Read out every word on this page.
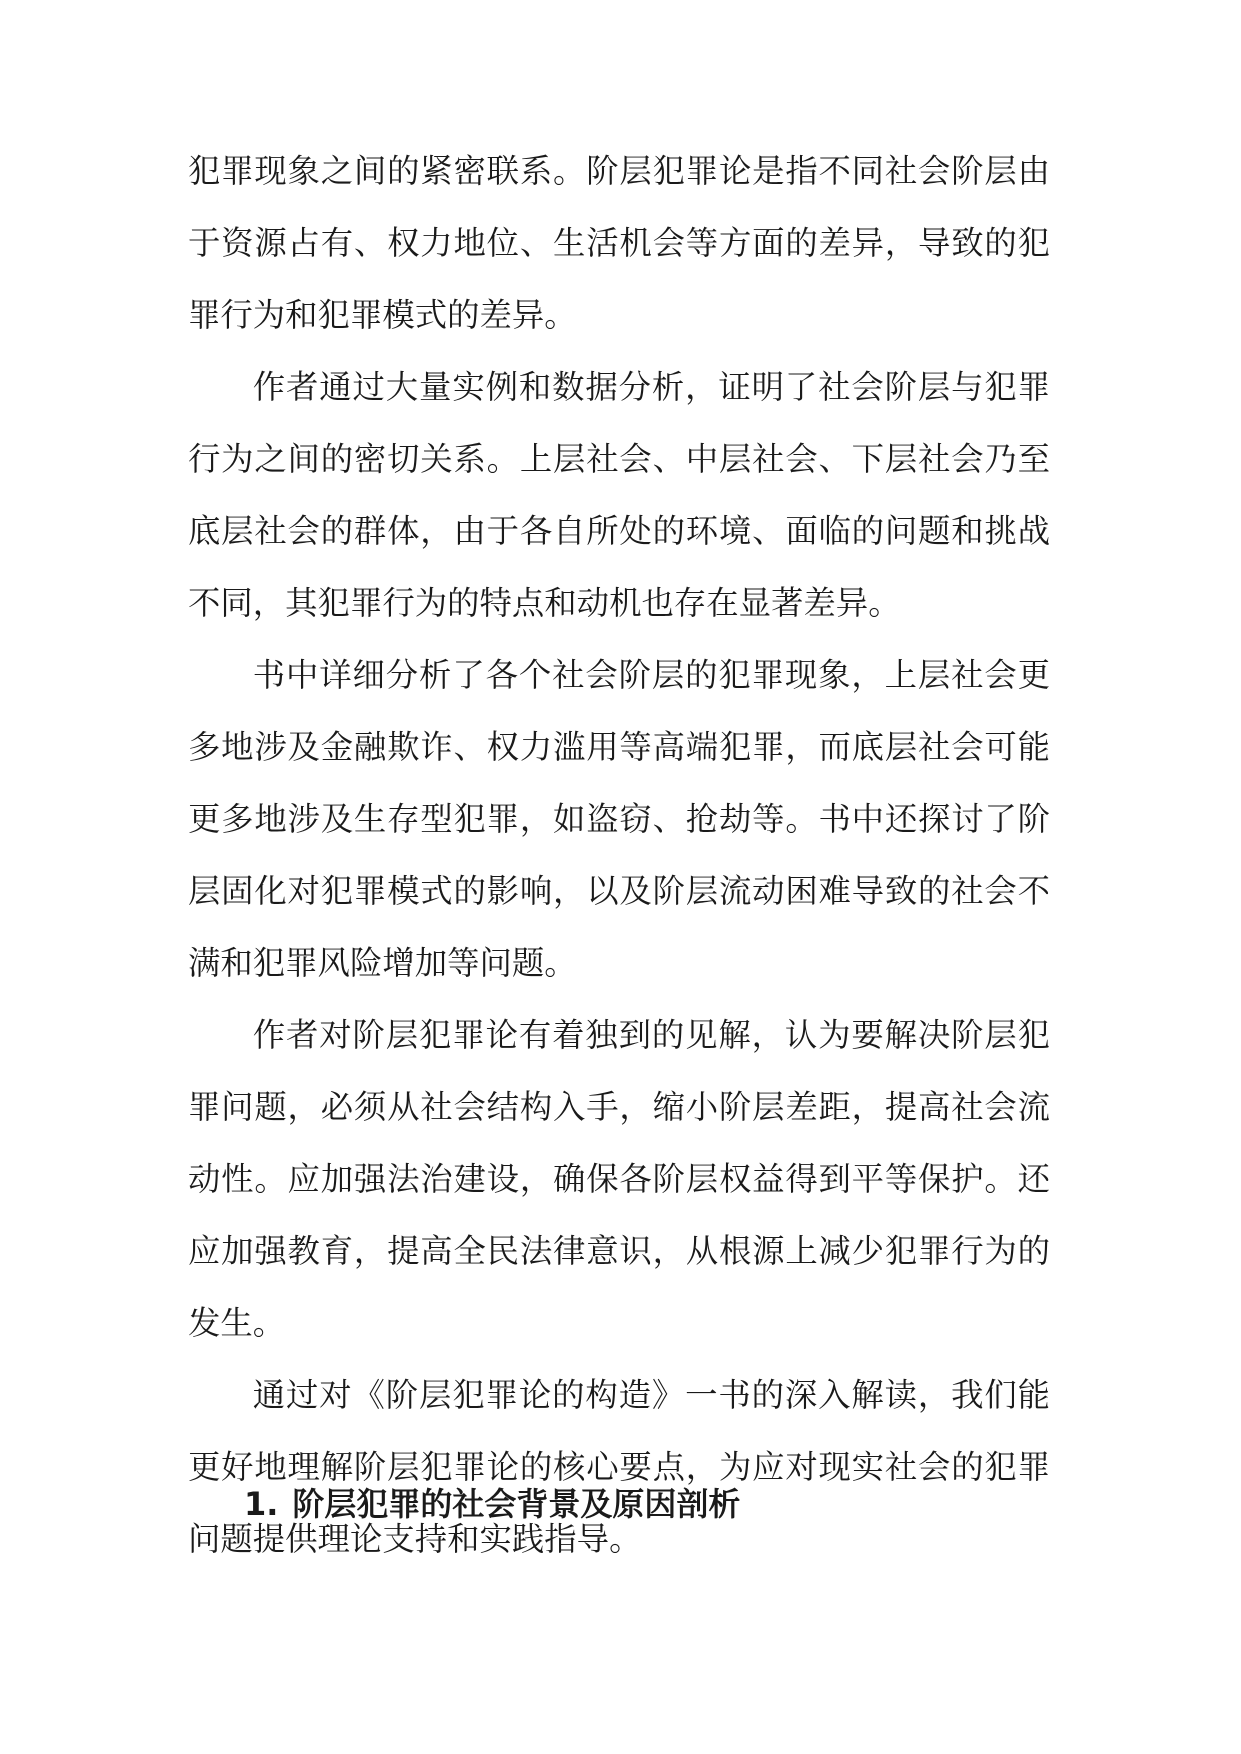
犯罪现象之间的紧密联系。阶层犯罪论是指不同社会阶层由于资源占有、权力地位、生活机会等方面的差异，导致的犯罪行为和犯罪模式的差异。

作者通过大量实例和数据分析，证明了社会阶层与犯罪行为之间的密切关系。上层社会、中层社会、下层社会乃至底层社会的群体，由于各自所处的环境、面临的问题和挑战不同，其犯罪行为的特点和动机也存在显著差异。

书中详细分析了各个社会阶层的犯罪现象，上层社会更多地涉及金融欺诈、权力滥用等高端犯罪，而底层社会可能更多地涉及生存型犯罪，如盗窃、抢劫等。书中还探讨了阶层固化对犯罪模式的影响，以及阶层流动困难导致的社会不满和犯罪风险增加等问题。

作者对阶层犯罪论有着独到的见解，认为要解决阶层犯罪问题，必须从社会结构入手，缩小阶层差距，提高社会流动性。应加强法治建设，确保各阶层权益得到平等保护。还应加强教育，提高全民法律意识，从根源上减少犯罪行为的发生。

通过对《阶层犯罪论的构造》一书的深入解读，我们能更好地理解阶层犯罪论的核心要点，为应对现实社会的犯罪问题提供理论支持和实践指导。

1. 阶层犯罪的社会背景及原因剖析
